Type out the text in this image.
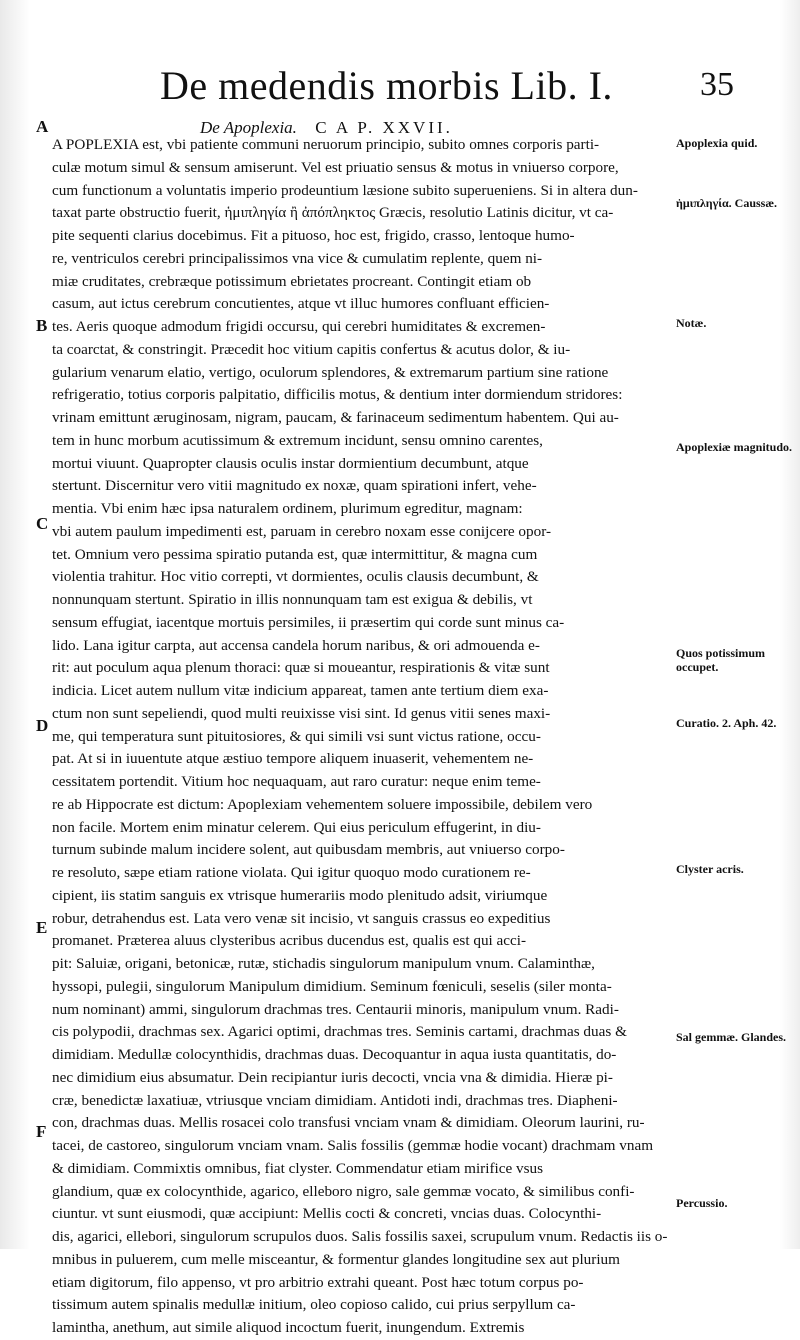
De medendis morbis Lib. I.	35
De Apoplexia. C A P. XXVII.
A
B
C
D
E
F
A POPLEXIA est, vbi patiente communi neruorum principio, subito omnes corporis parti-
culæ motum simul & sensum amiserunt. Vel est priuatio sensus & motus in vniuerso corpore,
cum functionum a voluntatis imperio prodeuntium læsione subito superueniens. Si in altera dun-
taxat parte obstructio fuerit, ἡμιπληγία ἢ ἀπόπληκτος Græcis, resolutio Latinis dicitur, vt ca-
pite sequenti clarius docebimus. Fit a pituoso, hoc est, frigido, crasso, lentoque humo-
re, ventriculos cerebri principalissimos vna vice & cumulatim replente, quem ni-
miæ cruditates, crebræque potissimum ebrietates procreant. Contingit etiam ob
casum, aut ictus cerebrum concutientes, atque vt illuc humores confluant efficien-
tes. Aeris quoque admodum frigidi occursu, qui cerebri humiditates & excremen-
ta coarctat, & constringit. Præcedit hoc vitium capitis confertus & acutus dolor, & iu-
gularium venarum elatio, vertigo, oculorum splendores, & extremarum partium sine ratione
refrigeratio, totius corporis palpitatio, difficilis motus, & dentium inter dormiendum stridores:
vrinam emittunt æruginosam, nigram, paucam, & farinaceum sedimentum habentem. Qui au-
tem in hunc morbum acutissimum & extremum incidunt, sensu omnino carentes,
mortui viuunt. Quapropter clausis oculis instar dormientium decumbunt, atque
stertunt. Discernitur vero vitii magnitudo ex noxæ, quam spirationi infert, vehe-
mentia. Vbi enim hæc ipsa naturalem ordinem, plurimum egreditur, magnam:
vbi autem paulum impedimenti est, paruam in cerebro noxam esse conijcere opor-
tet. Omnium vero pessima spiratio putanda est, quæ intermittitur, & magna cum
violentia trahitur. Hoc vitio correpti, vt dormientes, oculis clausis decumbunt, &
nonnunquam stertunt. Spiratio in illis nonnunquam tam est exigua & debilis, vt
sensum effugiat, iacentque mortuis persimiles, ii præsertim qui corde sunt minus ca-
lido. Lana igitur carpta, aut accensa candela horum naribus, & ori admouenda e-
rit: aut poculum aqua plenum thoraci: quæ si moueantur, respirationis & vitæ sunt
indicia. Licet autem nullum vitæ indicium appareat, tamen ante tertium diem exa-
ctum non sunt sepeliendi, quod multi reuixisse visi sint. Id genus vitii senes maxi-
me, qui temperatura sunt pituitosiores, & qui simili vsi sunt victus ratione, occu-
pat. At si in iuuentute atque æstiuo tempore aliquem inuaserit, vehementem ne-
cessitatem portendit. Vitium hoc nequaquam, aut raro curatur: neque enim teme-
re ab Hippocrate est dictum: Apoplexiam vehementem soluere impossibile, debilem vero
non facile. Mortem enim minatur celerem. Qui eius periculum effugerint, in diu-
turnum subinde malum incidere solent, aut quibusdam membris, aut vniuerso corpo-
re resoluto, sæpe etiam ratione violata. Qui igitur quoquo modo curationem re-
cipient, iis statim sanguis ex vtrisque humerariis modo plenitudo adsit, viriumque
robur, detrahendus est. Lata vero venæ sit incisio, vt sanguis crassus eo expeditius
promanet. Præterea aluus clysteribus acribus ducendus est, qualis est qui acci-
pit: Saluiæ, origani, betonicæ, rutæ, stichadis singulorum manipulum vnum. Calaminthæ,
hyssopi, pulegii, singulorum Manipulum dimidium. Seminum fœniculi, seselis (siler monta-
num nominant) ammi, singulorum drachmas tres. Centaurii minoris, manipulum vnum. Radi-
cis polypodii, drachmas sex. Agarici optimi, drachmas tres. Seminis cartami, drachmas duas &
dimidiam. Medullæ colocynthidis, drachmas duas. Decoquantur in aqua iusta quantitatis, do-
nec dimidium eius absumatur. Dein recipiantur iuris decocti, vncia vna & dimidia. Hieræ pi-
cræ, benedictæ laxatiuæ, vtriusque vnciam dimidiam. Antidoti indi, drachmas tres. Diapheni-
con, drachmas duas. Mellis rosacei colo transfusi vnciam vnam & dimidiam. Oleorum laurini, ru-
tacei, de castoreo, singulorum vnciam vnam. Salis fossilis (gemmæ hodie vocant) drachmam vnam
& dimidiam. Commixtis omnibus, fiat clyster. Commendatur etiam mirifice vsus
glandium, quæ ex colocynthide, agarico, elleboro nigro, sale gemmæ vocato, & similibus confi-
ciuntur. vt sunt eiusmodi, quæ accipiunt: Mellis cocti & concreti, vncias duas. Colocynthi-
dis, agarici, ellebori, singulorum scrupulos duos. Salis fossilis saxei, scrupulum vnum. Redactis iis o-
mnibus in puluerem, cum melle misceantur, & formentur glandes longitudine sex aut plurium
etiam digitorum, filo appenso, vt pro arbitrio extrahi queant. Post hæc totum corpus po-
tissimum autem spinalis medullæ initium, oleo copioso calido, cui prius serpyllum ca-
lamintha, anethum, aut simile aliquod incoctum fuerit, inungendum. Extremis
Apoplexia quid.
ἡμιπληγία. Caussæ.
Notæ.
Apoplexiæ magnitudo.
Quos potissimum occupet.
Curatio. 2. Aph. 42.
Clyster acris.
Sal gemmæ. Glandes.
Percussio.
